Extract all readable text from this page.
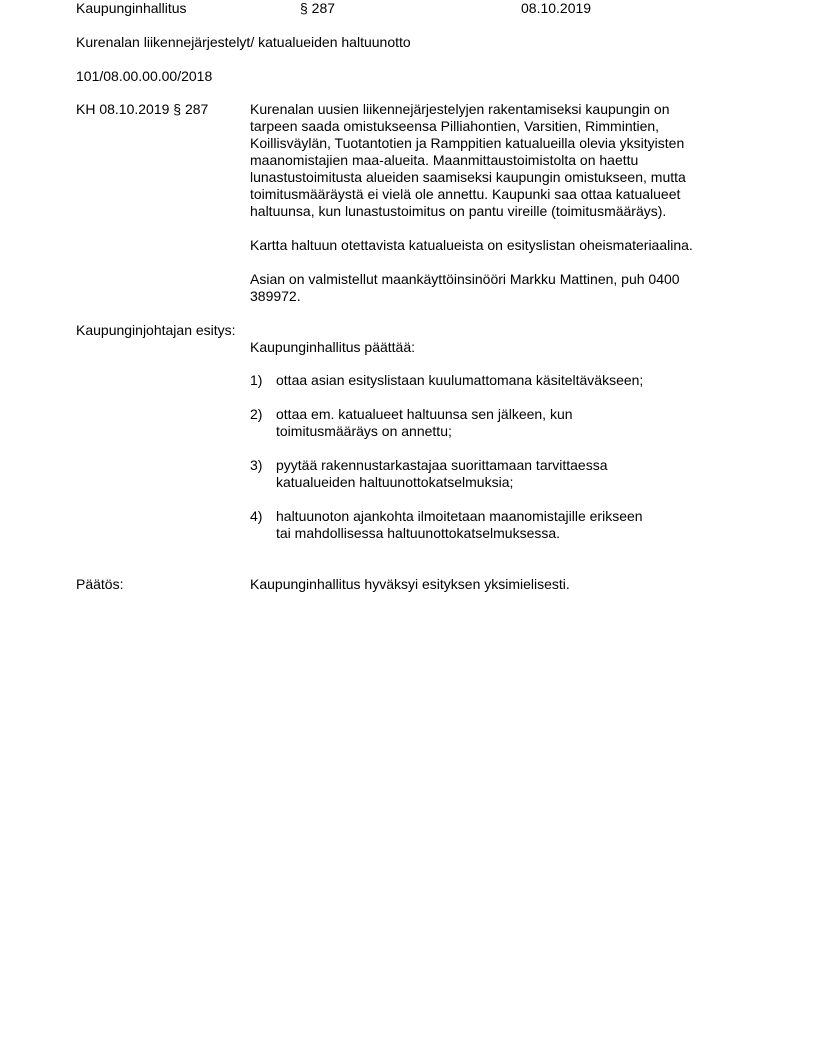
Kaupunginhallitus	§ 287	08.10.2019
Kurenalan liikennejärjestelyt/ katualueiden haltuunotto
101/08.00.00.00/2018
KH 08.10.2019 § 287	Kurenalan uusien liikennejärjestelyjen rakentamiseksi kaupungin on
tarpeen saada omistukseensa Pilliahontien, Varsitien, Rimmintien,
Koillisväylän, Tuotantotien ja Ramppitien katualueilla olevia yksityisten
maanomistajien maa-alueita. Maanmittaustoimistolta on haettu
lunastustoimitusta alueiden saamiseksi kaupungin omistukseen, mutta
toimitusmääräystä ei vielä ole annettu. Kaupunki saa ottaa katualueet
haltuunsa, kun lunastustoimitus on pantu vireille (toimitusmääräys).
Kartta haltuun otettavista katualueista on esityslistan oheismateriaalina.
Asian on valmistellut maankäyttöinsinööri Markku Mattinen, puh 0400
389972.
Kaupunginjohtajan esitys:
Kaupunginhallitus päättää:
1) ottaa asian esityslistaan kuulumattomana käsiteltäväkseen;
2) ottaa em. katualueet haltuunsa sen jälkeen, kun
toimitusmääräys on annettu;
3) pyytää rakennustarkastajaa suorittamaan tarvittaessa
katualueiden haltuunottokatselmuksia;
4) haltuunoton ajankohta ilmoitetaan maanomistajille erikseen
tai mahdollisessa haltuunottokatselmuksessa.
Päätös:	Kaupunginhallitus hyväksyi esityksen yksimielisesti.
